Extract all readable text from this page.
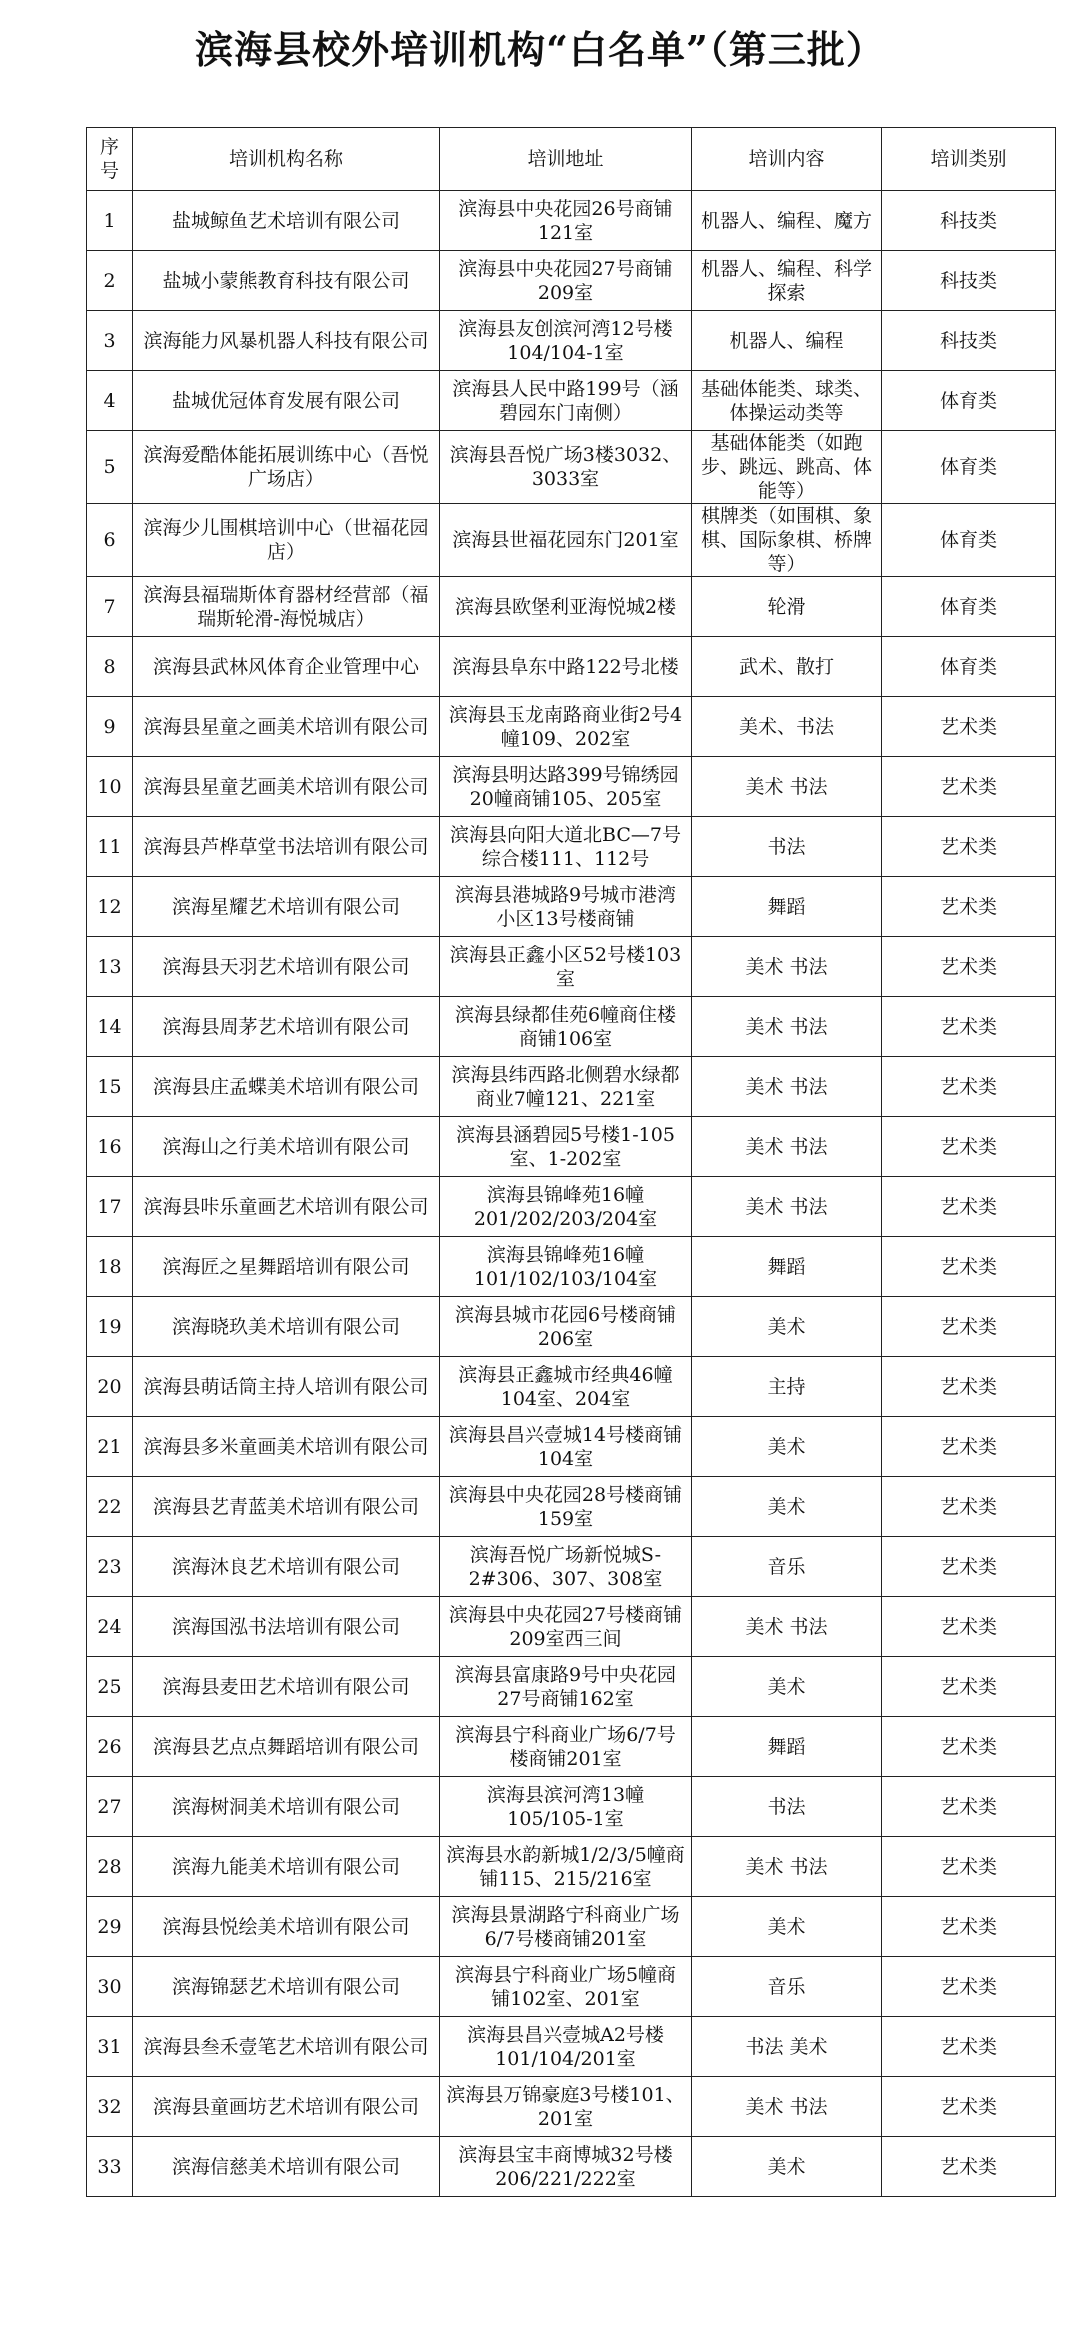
滨海县校外培训机构“白名单”（第三批）
序号	培训机构名称	培训地址	培训内容	培训类别
1	盐城鲸鱼艺术培训有限公司	滨海县中央花园26号商铺121室	机器人、编程、魔方	科技类
2	盐城小蒙熊教育科技有限公司	滨海县中央花园27号商铺209室	机器人、编程、科学探索	科技类
3	滨海能力风暴机器人科技有限公司	滨海县友创滨河湾12号楼104/104-1室	机器人、编程	科技类
4	盐城优冠体育发展有限公司	滨海县人民中路199号（涵碧园东门南侧）	基础体能类、球类、体操运动类等	体育类
5	滨海爱酷体能拓展训练中心（吾悦广场店）	滨海县吾悦广场3楼3032、3033室	基础体能类（如跑步、跳远、跳高、体能等）	体育类
6	滨海少儿围棋培训中心（世福花园店）	滨海县世福花园东门201室	棋牌类（如围棋、象棋、国际象棋、桥牌等）	体育类
7	滨海县福瑞斯体育器材经营部（福瑞斯轮滑-海悦城店）	滨海县欧堡利亚海悦城2楼	轮滑	体育类
8	滨海县武林风体育企业管理中心	滨海县阜东中路122号北楼	武术、散打	体育类
9	滨海县星童之画美术培训有限公司	滨海县玉龙南路商业街2号4幢109、202室	美术、书法	艺术类
10	滨海县星童艺画美术培训有限公司	滨海县明达路399号锦绣园20幢商铺105、205室	美术 书法	艺术类
11	滨海县芦桦草堂书法培训有限公司	滨海县向阳大道北BC—7号综合楼111、112号	书法	艺术类
12	滨海星耀艺术培训有限公司	滨海县港城路9号城市港湾小区13号楼商铺	舞蹈	艺术类
13	滨海县天羽艺术培训有限公司	滨海县正鑫小区52号楼103室	美术 书法	艺术类
14	滨海县周茅艺术培训有限公司	滨海县绿都佳苑6幢商住楼商铺106室	美术 书法	艺术类
15	滨海县庄孟蝶美术培训有限公司	滨海县纬西路北侧碧水绿都商业7幢121、221室	美术 书法	艺术类
16	滨海山之行美术培训有限公司	滨海县涵碧园5号楼1-105室、1-202室	美术 书法	艺术类
17	滨海县咔乐童画艺术培训有限公司	滨海县锦峰苑16幢201/202/203/204室	美术 书法	艺术类
18	滨海匠之星舞蹈培训有限公司	滨海县锦峰苑16幢101/102/103/104室	舞蹈	艺术类
19	滨海晓玖美术培训有限公司	滨海县城市花园6号楼商铺206室	美术	艺术类
20	滨海县萌话筒主持人培训有限公司	滨海县正鑫城市经典46幢104室、204室	主持	艺术类
21	滨海县多米童画美术培训有限公司	滨海县昌兴壹城14号楼商铺104室	美术	艺术类
22	滨海县艺青蓝美术培训有限公司	滨海县中央花园28号楼商铺159室	美术	艺术类
23	滨海沐良艺术培训有限公司	滨海吾悦广场新悦城S-2#306、307、308室	音乐	艺术类
24	滨海国泓书法培训有限公司	滨海县中央花园27号楼商铺209室西三间	美术 书法	艺术类
25	滨海县麦田艺术培训有限公司	滨海县富康路9号中央花园27号商铺162室	美术	艺术类
26	滨海县艺点点舞蹈培训有限公司	滨海县宁科商业广场6/7号楼商铺201室	舞蹈	艺术类
27	滨海树洞美术培训有限公司	滨海县滨河湾13幢105/105-1室	书法	艺术类
28	滨海九能美术培训有限公司	滨海县水韵新城1/2/3/5幢商铺115、215/216室	美术 书法	艺术类
29	滨海县悦绘美术培训有限公司	滨海县景湖路宁科商业广场6/7号楼商铺201室	美术	艺术类
30	滨海锦瑟艺术培训有限公司	滨海县宁科商业广场5幢商铺102室、201室	音乐	艺术类
31	滨海县叁禾壹笔艺术培训有限公司	滨海县昌兴壹城A2号楼101/104/201室	书法 美术	艺术类
32	滨海县童画坊艺术培训有限公司	滨海县万锦豪庭3号楼101、201室	美术 书法	艺术类
33	滨海信慈美术培训有限公司	滨海县宝丰商博城32号楼206/221/222室	美术	艺术类
